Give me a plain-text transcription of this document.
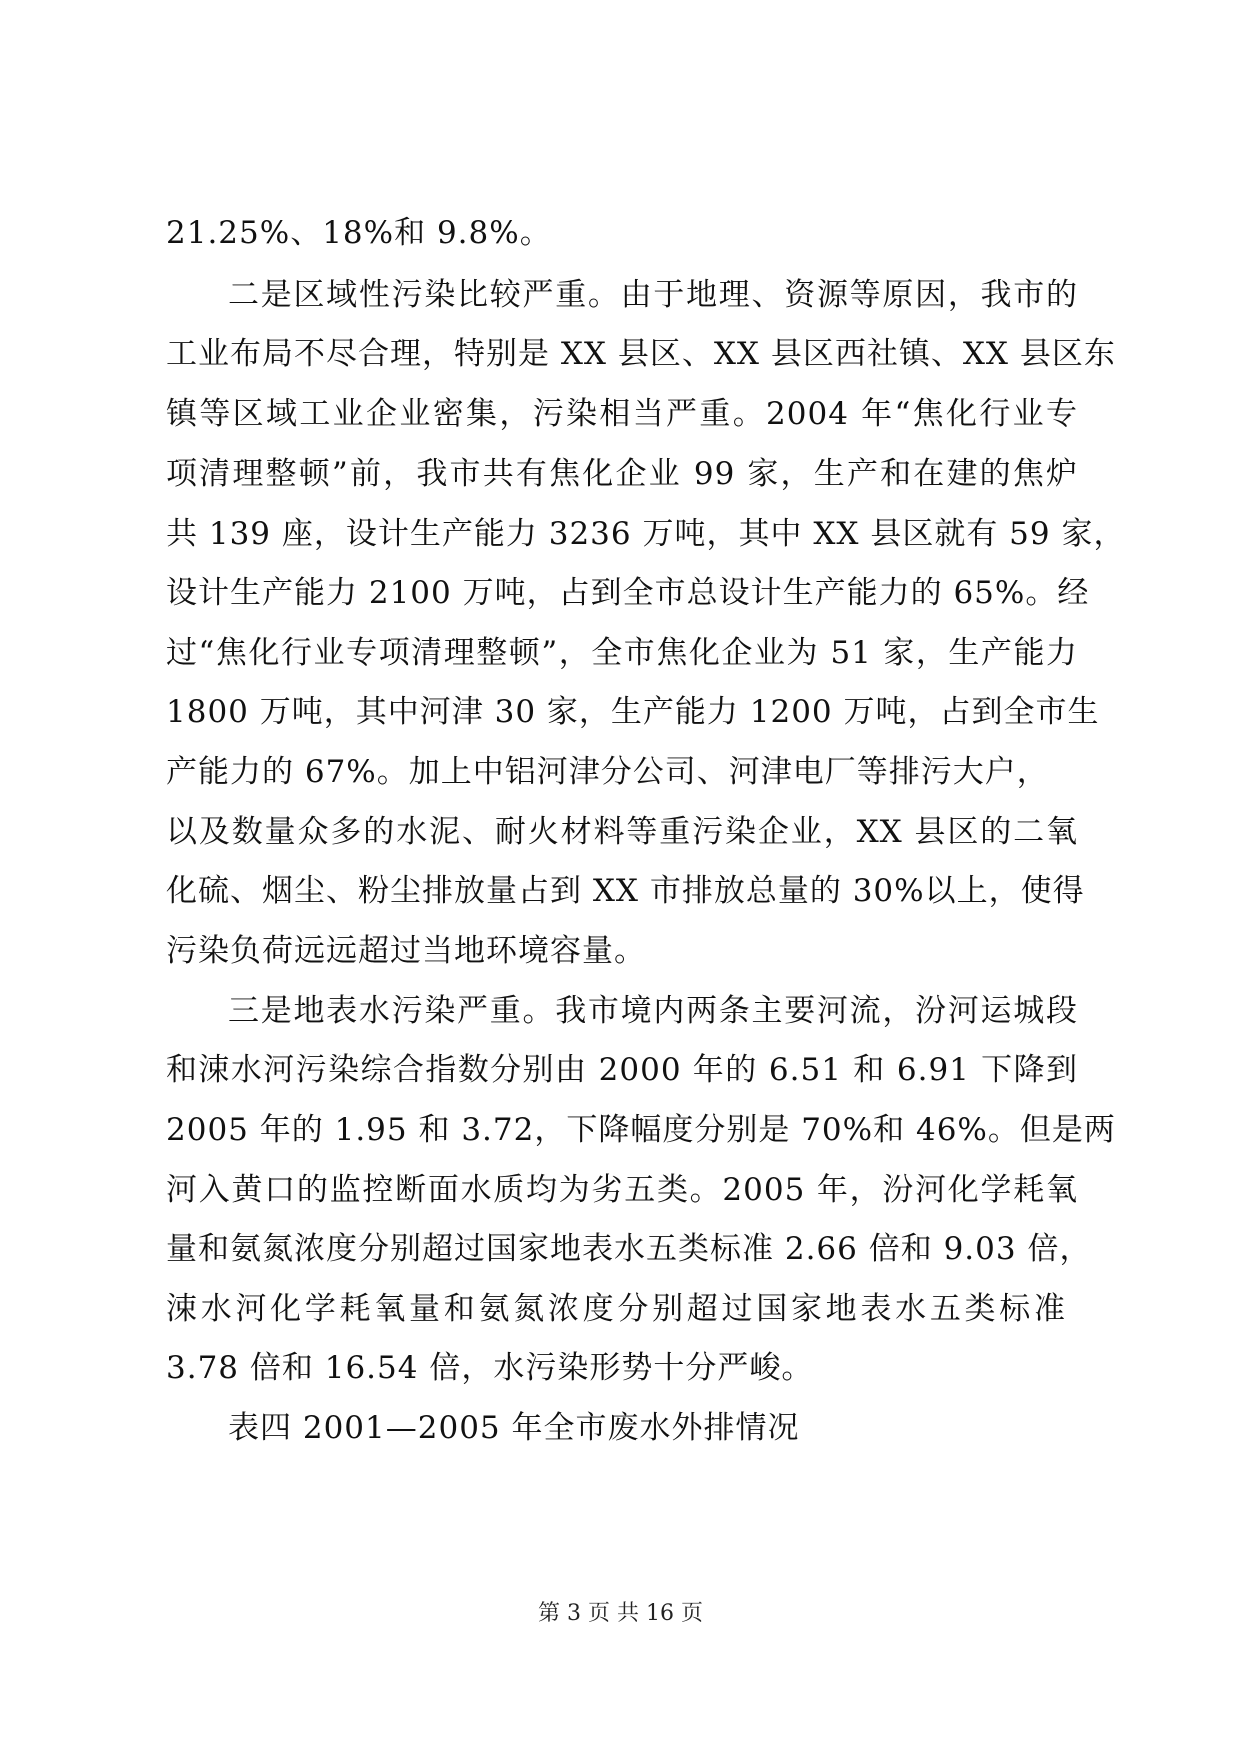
21.25%、18%和 9.8%。
二是区域性污染比较严重。由于地理、资源等原因，我市的
工业布局不尽合理，特别是 XX 县区、XX 县区西社镇、XX 县区东
镇等区域工业企业密集，污染相当严重。2004 年“焦化行业专
项清理整顿”前，我市共有焦化企业 99 家，生产和在建的焦炉
共 139 座，设计生产能力 3236 万吨，其中 XX 县区就有 59 家，
设计生产能力 2100 万吨，占到全市总设计生产能力的 65%。经
过“焦化行业专项清理整顿”，全市焦化企业为 51 家，生产能力
1800 万吨，其中河津 30 家，生产能力 1200 万吨，占到全市生
产能力的 67%。加上中铝河津分公司、河津电厂等排污大户，
以及数量众多的水泥、耐火材料等重污染企业，XX 县区的二氧
化硫、烟尘、粉尘排放量占到 XX 市排放总量的 30%以上，使得
污染负荷远远超过当地环境容量。
三是地表水污染严重。我市境内两条主要河流，汾河运城段
和涑水河污染综合指数分别由 2000 年的 6.51 和 6.91 下降到
2005 年的 1.95 和 3.72，下降幅度分别是 70%和 46%。但是两
河入黄口的监控断面水质均为劣五类。2005 年，汾河化学耗氧
量和氨氮浓度分别超过国家地表水五类标准 2.66 倍和 9.03 倍，
涑水河化学耗氧量和氨氮浓度分别超过国家地表水五类标准
3.78 倍和 16.54 倍，水污染形势十分严峻。
表四 2001—2005 年全市废水外排情况
第 3 页 共 16 页
